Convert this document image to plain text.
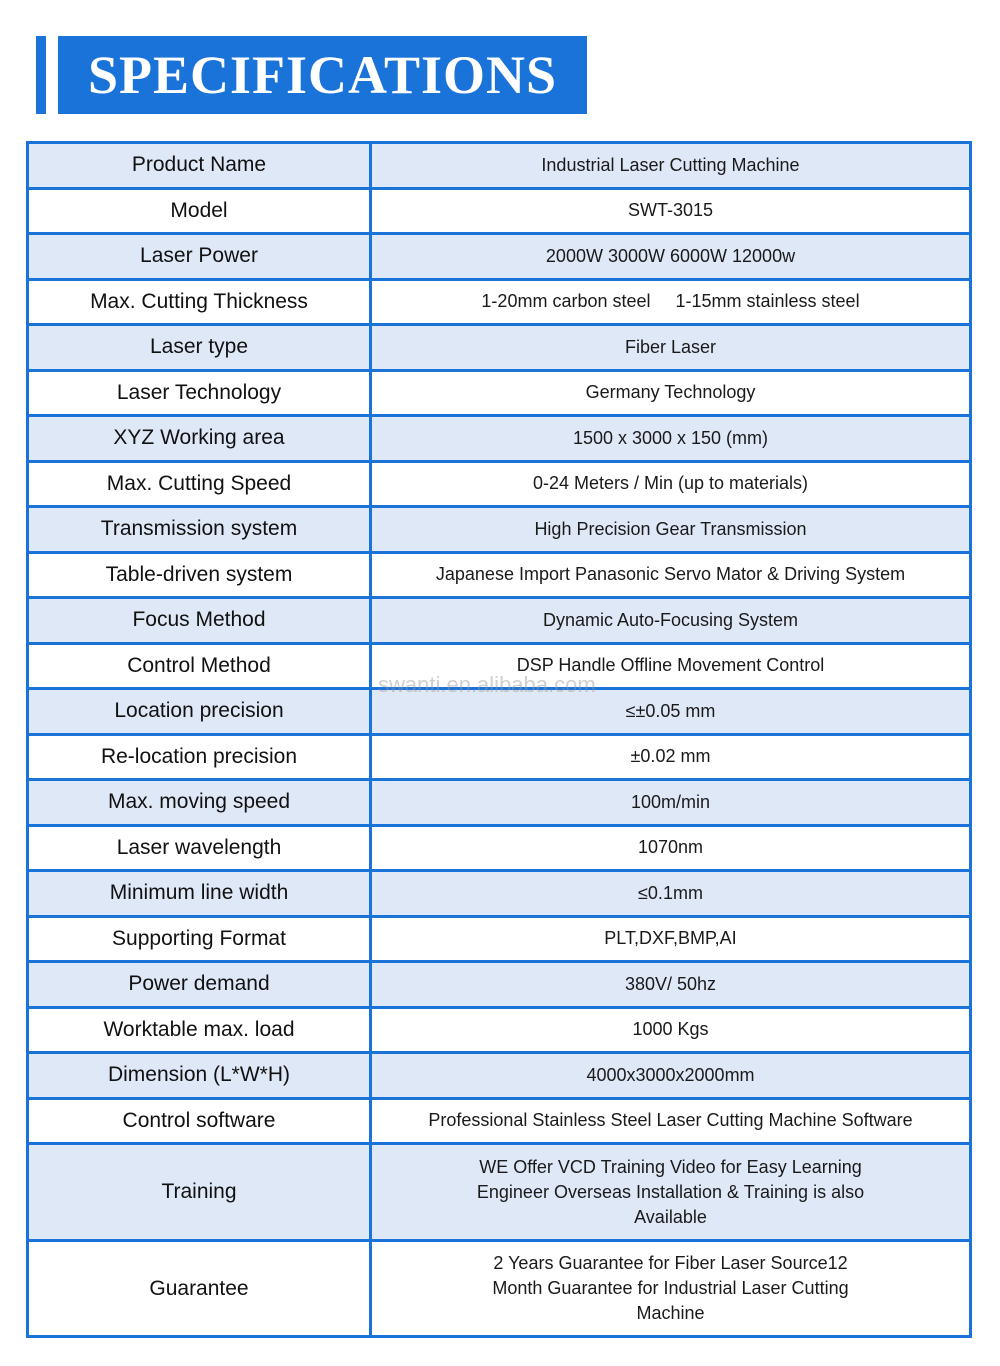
SPECIFICATIONS
Product Name	Industrial Laser Cutting Machine
Model	SWT-3015
Laser Power	2000W 3000W 6000W 12000w
Max. Cutting Thickness	1-20mm carbon steel     1-15mm stainless steel
Laser type	Fiber Laser
Laser Technology	Germany Technology
XYZ Working area	1500 x 3000 x 150 (mm)
Max. Cutting Speed	0-24 Meters / Min (up to materials)
Transmission system	High Precision Gear Transmission
Table-driven system	Japanese Import Panasonic Servo Mator & Driving System
Focus Method	Dynamic Auto-Focusing System
Control Method	DSP Handle Offline Movement Control
Location precision	≤±0.05 mm
Re-location precision	±0.02 mm
Max. moving speed	100m/min
Laser wavelength	1070nm
Minimum line width	≤0.1mm
Supporting Format	PLT,DXF,BMP,AI
Power demand	380V/ 50hz
Worktable max. load	1000 Kgs
Dimension (L*W*H)	4000x3000x2000mm
Control software	Professional Stainless Steel Laser Cutting Machine Software
Training	WE Offer VCD Training Video for Easy Learning
Engineer Overseas Installation & Training is also
Available

Guarantee	2 Years Guarantee for Fiber Laser Source12
Month Guarantee for Industrial Laser Cutting
Machine
swanti.en.alibaba.com
